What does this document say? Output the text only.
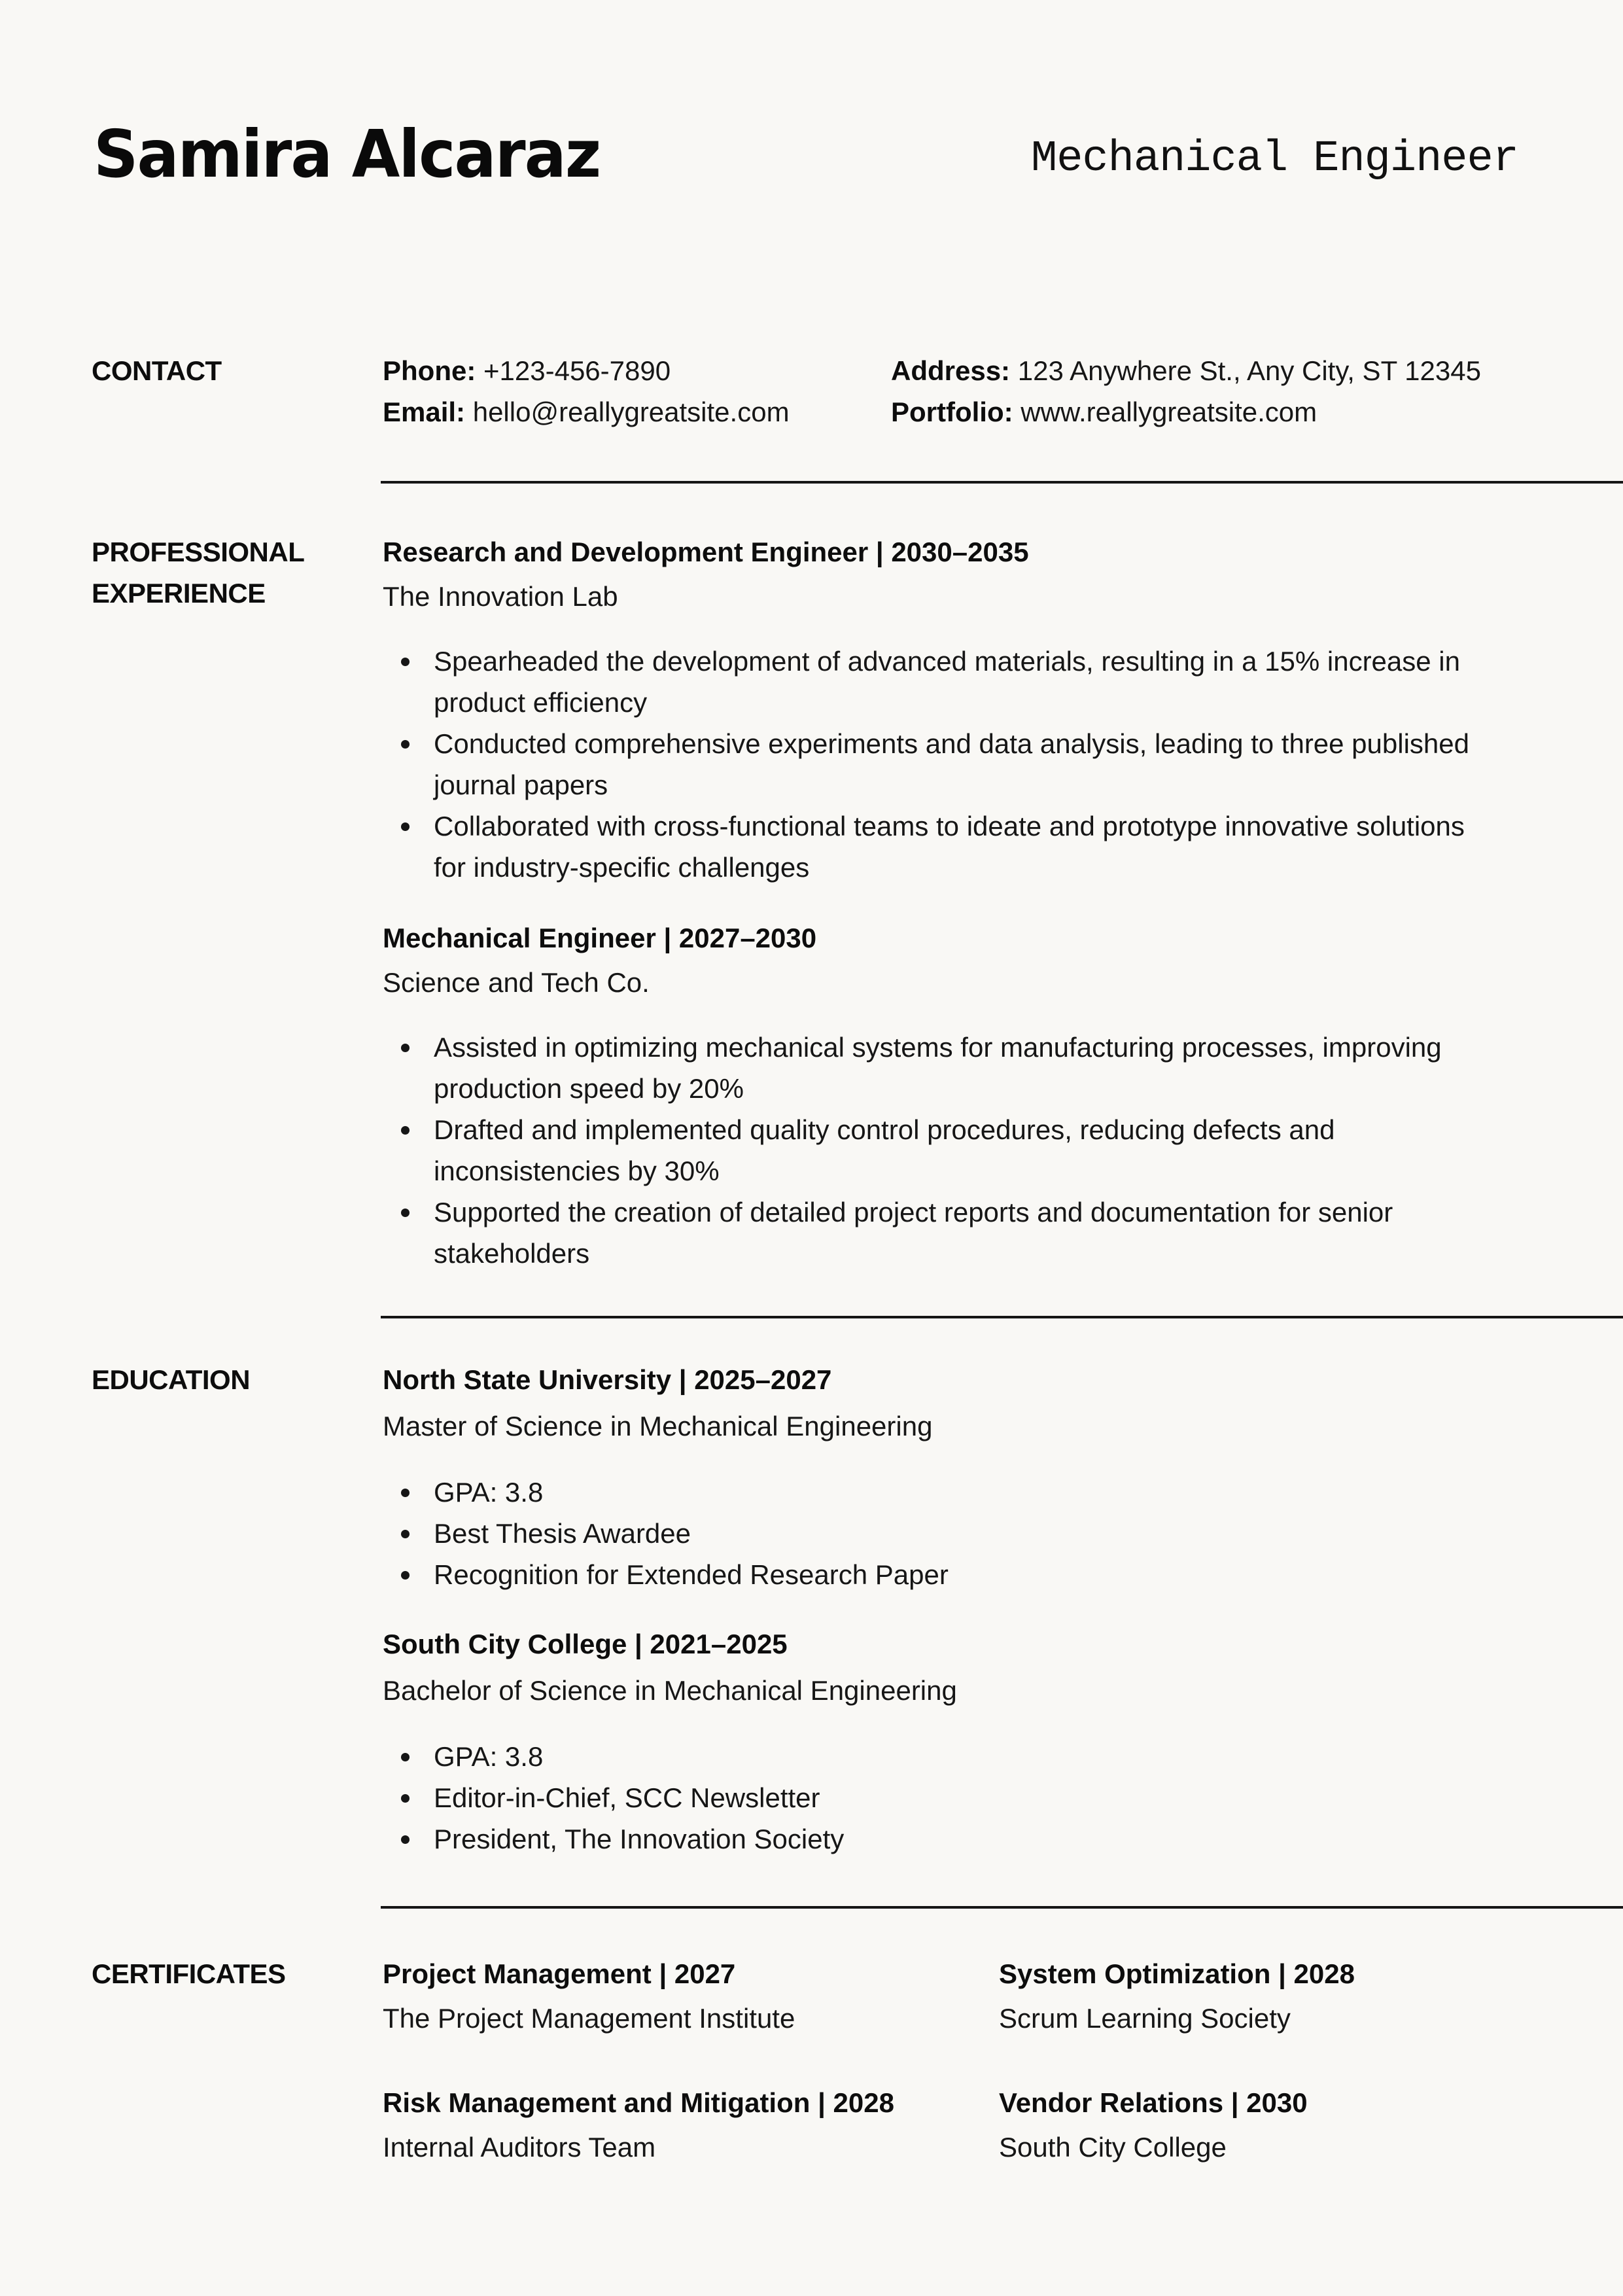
Samira Alcaraz	Mechanical Engineer
CONTACT	Phone: +123-456-7890	Address: 123 Anywhere St., Any City, ST 12345
Email: hello@reallygreatsite.com	Portfolio: www.reallygreatsite.com
PROFESSIONAL EXPERIENCE
Research and Development Engineer | 2030–2035
The Innovation Lab
Spearheaded the development of advanced materials, resulting in a 15% increase in product efficiency
Conducted comprehensive experiments and data analysis, leading to three published journal papers
Collaborated with cross-functional teams to ideate and prototype innovative solutions for industry-specific challenges
Mechanical Engineer | 2027–2030
Science and Tech Co.
Assisted in optimizing mechanical systems for manufacturing processes, improving production speed by 20%
Drafted and implemented quality control procedures, reducing defects and inconsistencies by 30%
Supported the creation of detailed project reports and documentation for senior stakeholders
EDUCATION	North State University | 2025–2027
Master of Science in Mechanical Engineering
GPA: 3.8
Best Thesis Awardee
Recognition for Extended Research Paper
South City College | 2021–2025
Bachelor of Science in Mechanical Engineering
GPA: 3.8
Editor-in-Chief, SCC Newsletter
President, The Innovation Society
CERTIFICATES	Project Management | 2027
The Project Management Institute
System Optimization | 2028
Scrum Learning Society
Risk Management and Mitigation | 2028
Internal Auditors Team
Vendor Relations | 2030
South City College
